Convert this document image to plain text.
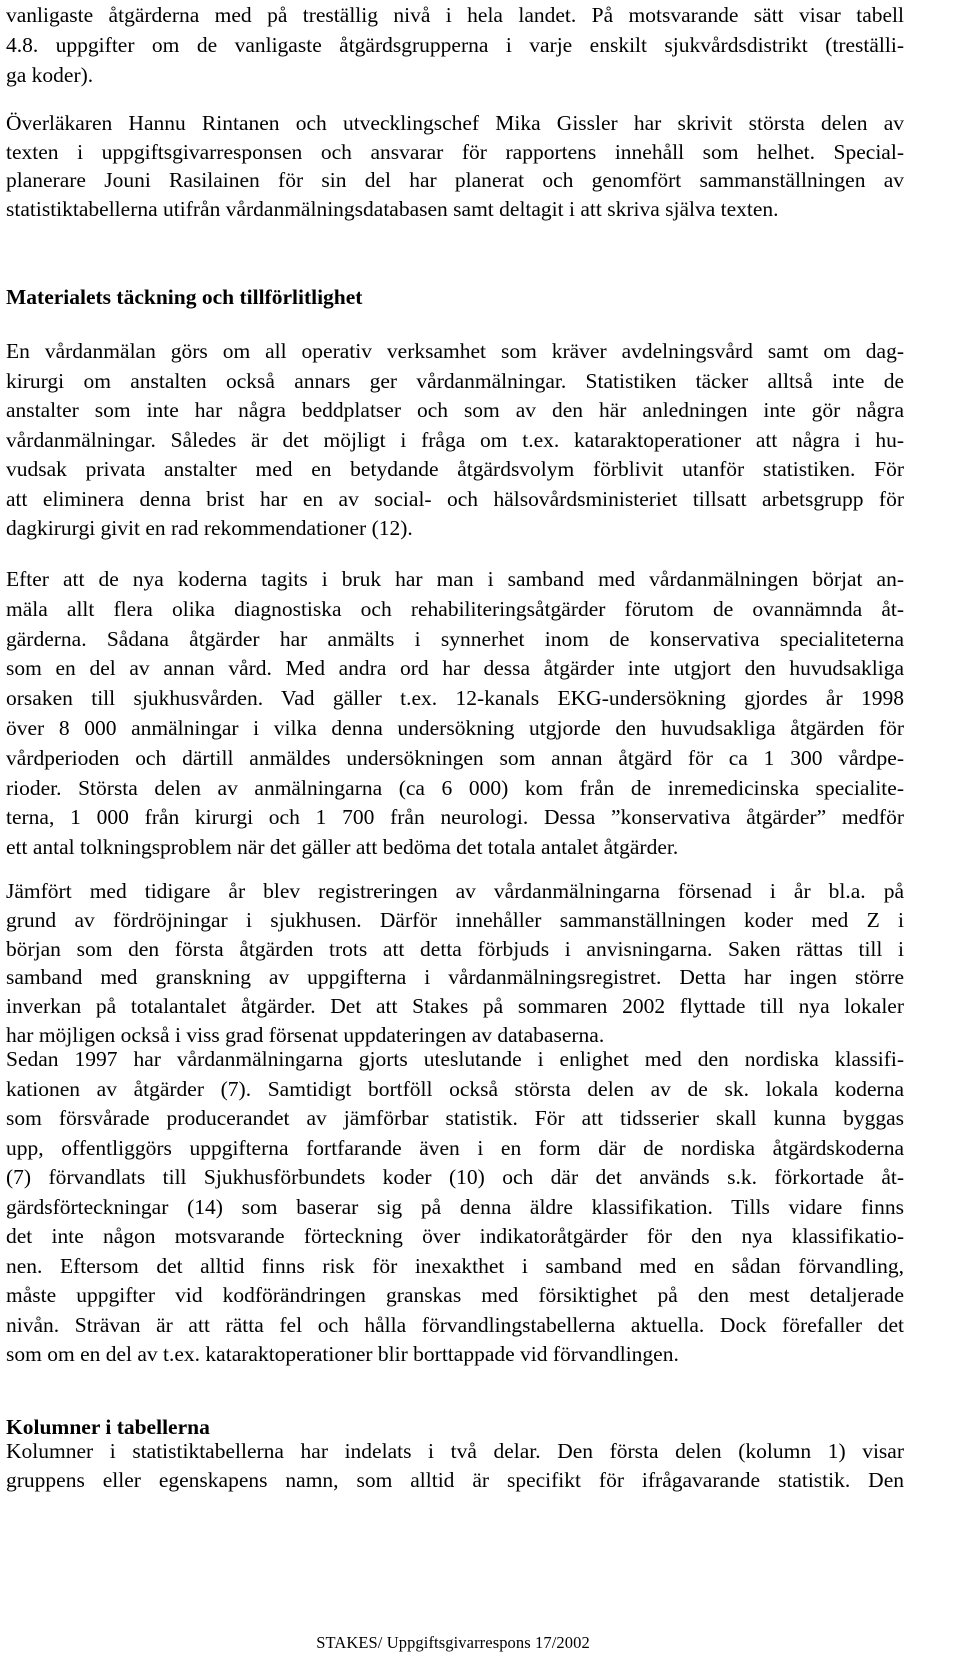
vanligaste åtgärderna med på treställig nivå i hela landet. På motsvarande sätt visar tabell
4.8. uppgifter om de vanligaste åtgärdsgrupperna i varje enskilt sjukvårdsdistrikt (treställi-
ga koder).
Överläkaren Hannu Rintanen och utvecklingschef Mika Gissler har skrivit största delen av
texten i uppgiftsgivarresponsen och ansvarar för rapportens innehåll som helhet. Special-
planerare Jouni Rasilainen för sin del har planerat och genomfört sammanställningen av
statistiktabellerna utifrån vårdanmälningsdatabasen samt deltagit i att skriva själva texten.
Materialets täckning och tillförlitlighet
En vårdanmälan görs om all operativ verksamhet som kräver avdelningsvård samt om dag-
kirurgi om anstalten också annars ger vårdanmälningar. Statistiken täcker alltså inte de
anstalter som inte har några beddplatser och som av den här anledningen inte gör några
vårdanmälningar. Således är det möjligt i fråga om t.ex. kataraktoperationer att några i hu-
vudsak privata anstalter med en betydande åtgärdsvolym förblivit utanför statistiken. För
att eliminera denna brist har en av social- och hälsovårdsministeriet tillsatt arbetsgrupp för
dagkirurgi givit en rad rekommendationer (12).
Efter att de nya koderna tagits i bruk har man i samband med vårdanmälningen börjat an-
mäla allt flera olika diagnostiska och rehabiliteringsåtgärder förutom de ovannämnda åt-
gärderna. Sådana åtgärder har anmälts i synnerhet inom de konservativa specialiteterna
som en del av annan vård. Med andra ord har dessa åtgärder inte utgjort den huvudsakliga
orsaken till sjukhusvården. Vad gäller t.ex. 12-kanals EKG-undersökning gjordes år 1998
över 8 000 anmälningar i vilka denna undersökning utgjorde den huvudsakliga åtgärden för
vårdperioden och därtill anmäldes undersökningen som annan åtgärd för ca 1 300 vårdpe-
rioder. Största delen av anmälningarna (ca 6 000) kom från de inremedicinska specialite-
terna, 1 000 från kirurgi och 1 700 från neurologi. Dessa ”konservativa åtgärder” medför
ett antal tolkningsproblem när det gäller att bedöma det totala antalet åtgärder.
Jämfört med tidigare år blev registreringen av vårdanmälningarna försenad i år bl.a. på
grund av fördröjningar i sjukhusen. Därför innehåller sammanställningen koder med Z i
början som den första åtgärden trots att detta förbjuds i anvisningarna. Saken rättas till i
samband med granskning av uppgifterna i vårdanmälningsregistret. Detta har ingen större
inverkan på totalantalet åtgärder. Det att Stakes på sommaren 2002 flyttade till nya lokaler
har möjligen också i viss grad försenat uppdateringen av databaserna.
Sedan 1997 har vårdanmälningarna gjorts uteslutande i enlighet med den nordiska klassifi-
kationen av åtgärder (7). Samtidigt bortföll också största delen av de sk. lokala koderna
som försvårade producerandet av jämförbar statistik. För att tidsserier skall kunna byggas
upp, offentliggörs uppgifterna fortfarande även i en form där de nordiska åtgärdskoderna
(7) förvandlats till Sjukhusförbundets koder (10) och där det används s.k. förkortade åt-
gärdsförteckningar (14) som baserar sig på denna äldre klassifikation. Tills vidare finns
det inte någon motsvarande förteckning över indikatoråtgärder för den nya klassifikatio-
nen. Eftersom det alltid finns risk för inexakthet i samband med en sådan förvandling,
måste uppgifter vid kodförändringen granskas med försiktighet på den mest detaljerade
nivån. Strävan är att rätta fel och hålla förvandlingstabellerna aktuella. Dock förefaller det
som om en del av t.ex. kataraktoperationer blir borttappade vid förvandlingen.
Kolumner i tabellerna
Kolumner i statistiktabellerna har indelats i två delar. Den första delen (kolumn 1) visar
gruppens eller egenskapens namn, som alltid är specifikt för ifrågavarande statistik. Den
STAKES/ Uppgiftsgivarrespons 17/2002
